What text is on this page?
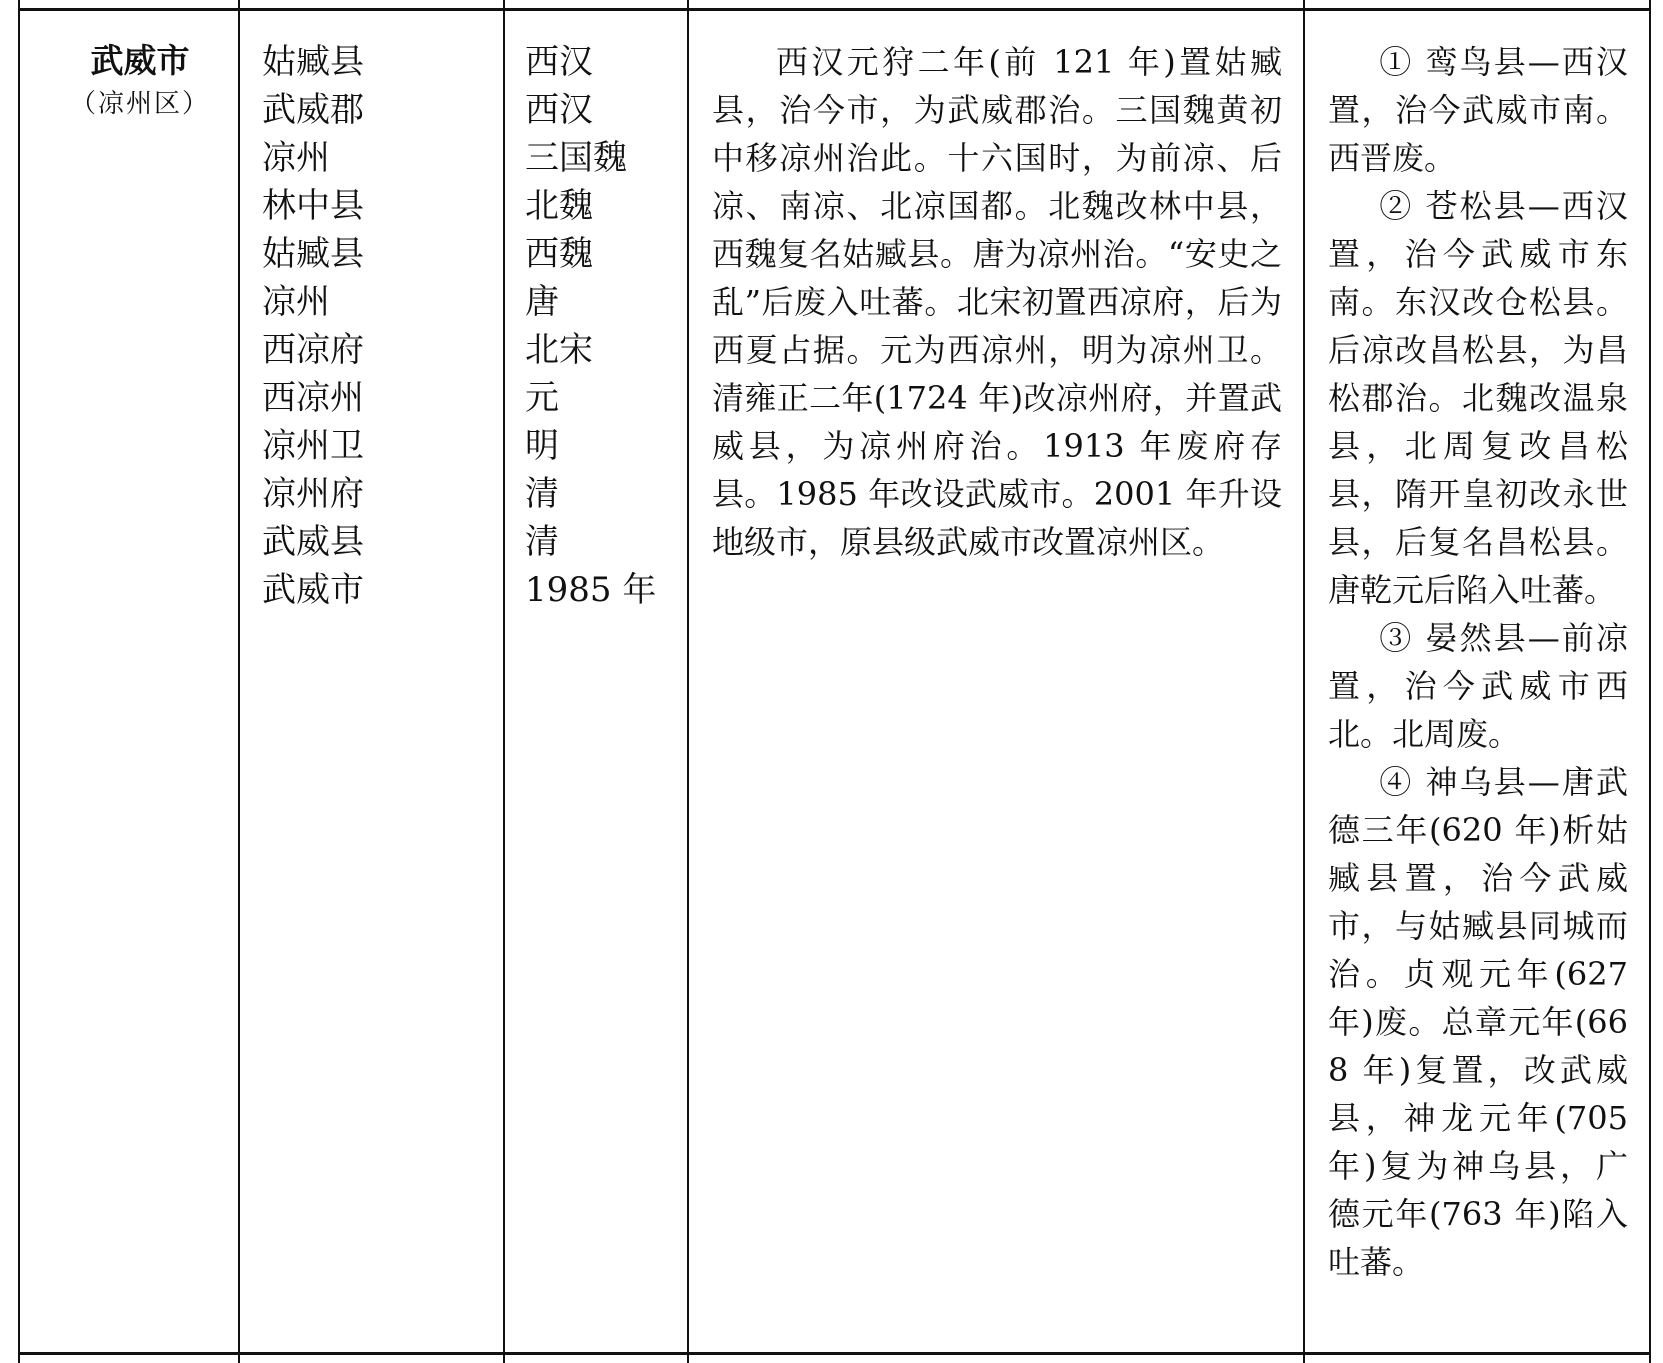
武威市
（凉州区）
姑臧县
武威郡
凉州
林中县
姑臧县
凉州
西凉府
西凉州
凉州卫
凉州府
武威县
武威市
西汉
西汉
三国魏
北魏
西魏
唐
北宋
元
明
清
清
1985 年
西汉元狩二年(前 121 年)置姑臧县，治今市，为武威郡治。三国魏黄初中移凉州治此。十六国时，为前凉、后凉、南凉、北凉国都。北魏改林中县，西魏复名姑臧县。唐为凉州治。“安史之乱”后废入吐蕃。北宋初置西凉府，后为西夏占据。元为西凉州，明为凉州卫。清雍正二年(1724 年)改凉州府，并置武威县，为凉州府治。1913 年废府存县。1985 年改设武威市。2001 年升设地级市，原县级武威市改置凉州区。

① 鸾鸟县—西汉置，治今武威市南。西晋废。

② 苍松县—西汉置，治今武威市东南。东汉改仓松县。后凉改昌松县，为昌松郡治。北魏改温泉县，北周复改昌松县，隋开皇初改永世县，后复名昌松县。唐乾元后陷入吐蕃。

③ 晏然县—前凉置，治今武威市西北。北周废。

④ 神乌县—唐武德三年(620 年)析姑臧县置，治今武威市，与姑臧县同城而治。贞观元年(627 年)废。总章元年(668 年)复置，改武威县，神龙元年(705 年)复为神乌县，广德元年(763 年)陷入吐蕃。
